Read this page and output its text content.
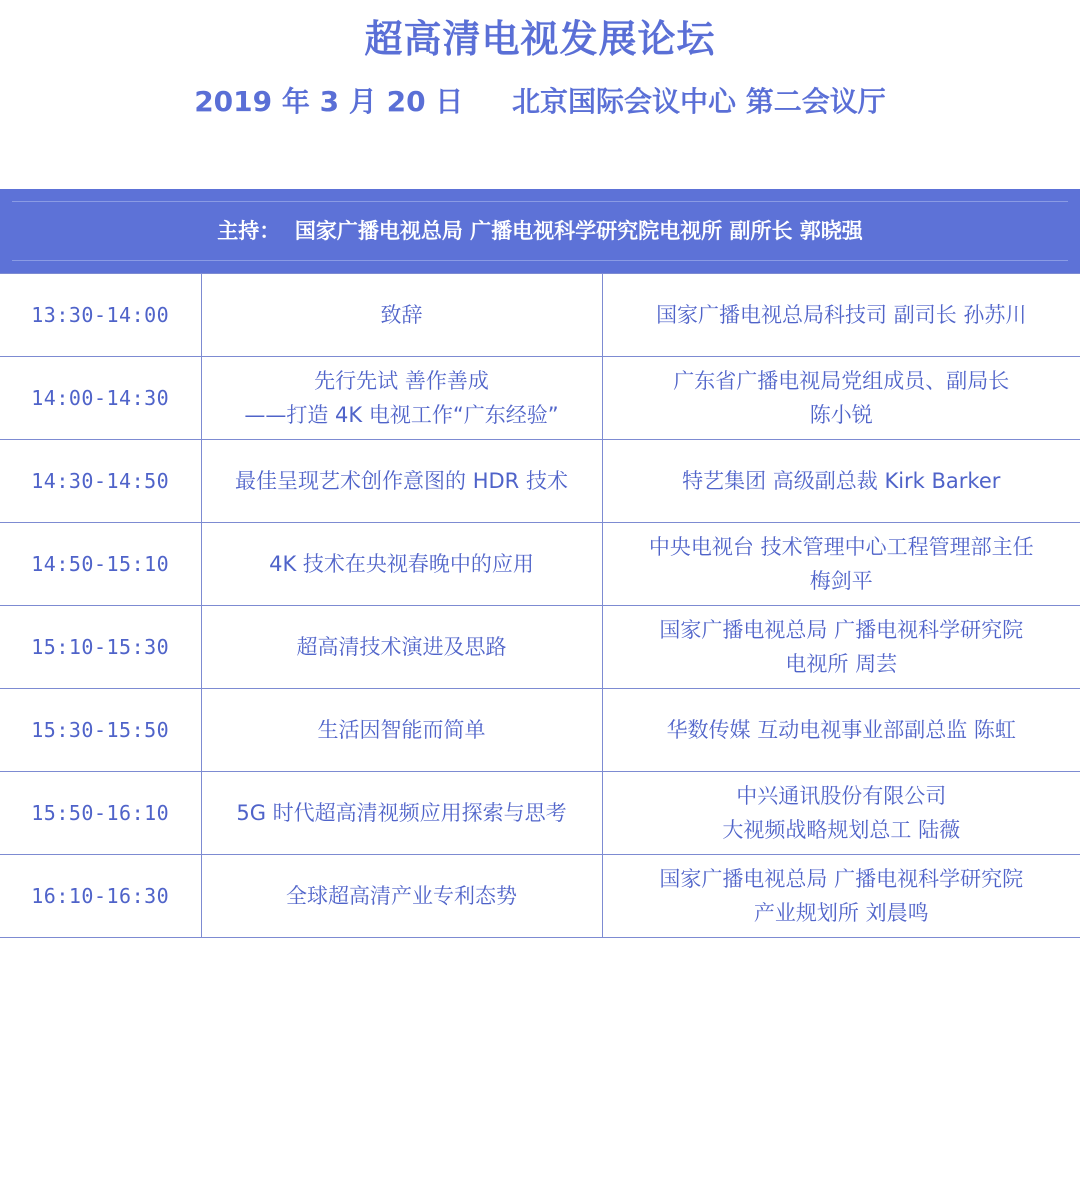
超高清电视发展论坛
2019 年 3 月 20 日     北京国际会议中心 第二会议厅
主持：  国家广播电视总局 广播电视科学研究院电视所 副所长 郭晓强
13:30-14:00	致辞	国家广播电视总局科技司 副司长 孙苏川

14:00-14:30	先行先试 善作善成
——打造 4K 电视工作“广东经验”	广东省广播电视局党组成员、副局长
陈小锐

14:30-14:50	最佳呈现艺术创作意图的 HDR 技术	特艺集团 高级副总裁 Kirk Barker

14:50-15:10	4K 技术在央视春晚中的应用	中央电视台 技术管理中心工程管理部主任
梅剑平

15:10-15:30	超高清技术演进及思路	国家广播电视总局 广播电视科学研究院
电视所 周芸

15:30-15:50	生活因智能而简单	华数传媒 互动电视事业部副总监 陈虹

15:50-16:10	5G 时代超高清视频应用探索与思考	中兴通讯股份有限公司
大视频战略规划总工 陆薇

16:10-16:30	全球超高清产业专利态势	国家广播电视总局 广播电视科学研究院
产业规划所 刘晨鸣
